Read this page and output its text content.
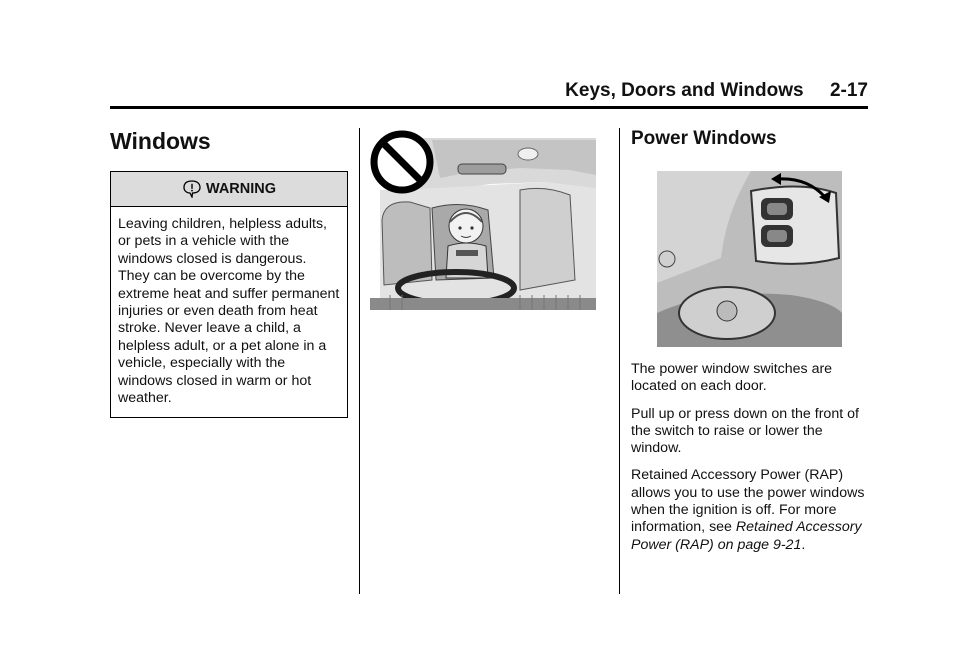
Keys, Doors and Windows     2-17
Windows
WARNING
Leaving children, helpless adults, or pets in a vehicle with the windows closed is dangerous. They can be overcome by the extreme heat and suffer permanent injuries or even death from heat stroke. Never leave a child, a helpless adult, or a pet alone in a vehicle, especially with the windows closed in warm or hot weather.
Power Windows

The power window switches are located on each door.

Pull up or press down on the front of the switch to raise or lower the window.

Retained Accessory Power (RAP) allows you to use the power windows when the ignition is off. For more information, see Retained Accessory Power (RAP) on page 9-21.
